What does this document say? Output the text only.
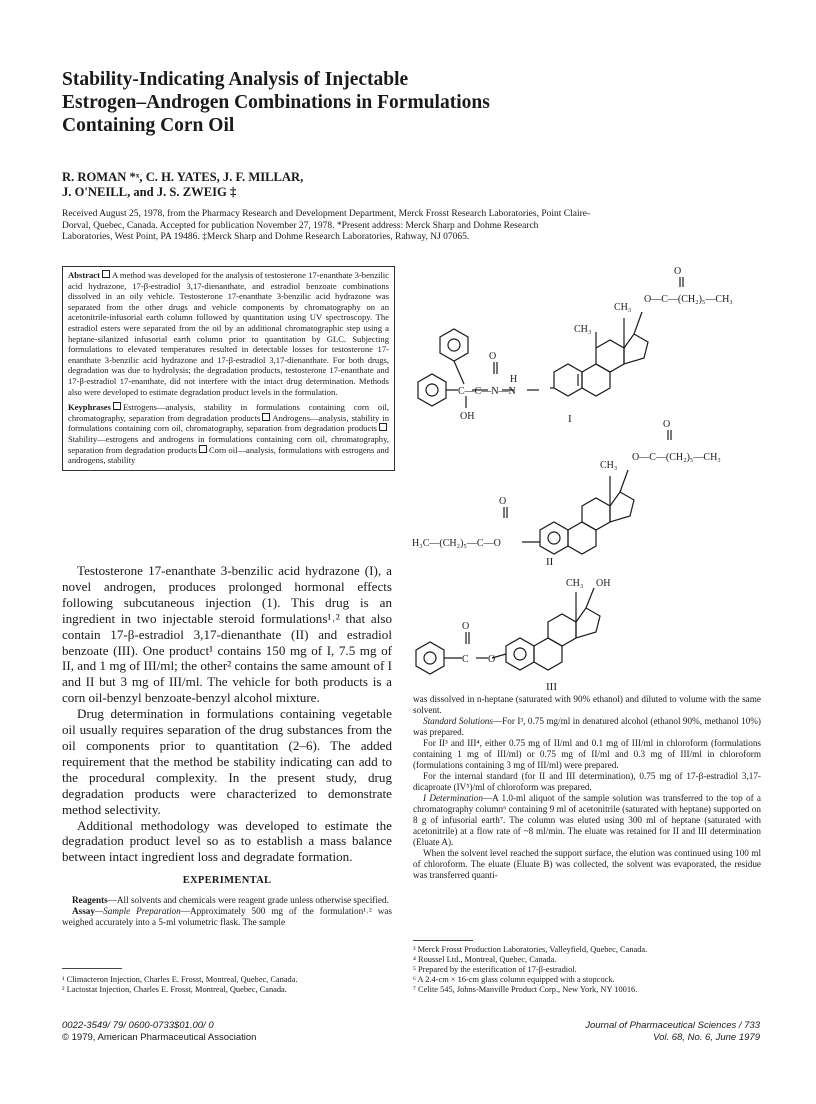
Stability-Indicating Analysis of Injectable
Estrogen–Androgen Combinations in Formulations
Containing Corn Oil
R. ROMAN *ˣ, C. H. YATES, J. F. MILLAR,
J. O'NEILL, and J. S. ZWEIG ‡
Received August 25, 1978, from the Pharmacy Research and Development Department, Merck Frosst Research Laboratories, Point Claire-
Dorval, Quebec, Canada. Accepted for publication November 27, 1978. *Present address: Merck Sharp and Dohme Research
Laboratories, West Point, PA 19486. ‡Merck Sharp and Dohme Research Laboratories, Rahway, NJ 07065.

Abstract A method was developed for the analysis of testosterone 17-enanthate 3-benzilic acid hydrazone, 17-β-estradiol 3,17-dienanthate, and estradiol benzoate combinations dissolved in an oily vehicle. Testosterone 17-enanthate 3-benzilic acid hydrazone was separated from the other drugs and vehicle components by chromatography on an acetonitrile-infusorial earth column followed by quantitation using UV spectroscopy. The estradiol esters were separated from the oil by an additional chromatographic step using a heptane-silanized infusorial earth column prior to quantitation by GLC. Subjecting formulations to elevated temperatures resulted in detectable losses for testosterone 17-enanthate 3-benzilic acid hydrazone and 17-β-estradiol 3,17-dienanthate. For both drugs, degradation was due to hydrolysis; the degradation products, testosterone 17-enanthate and 17-β-estradiol 17-enanthate, did not interfere with the intact drug determination. Methods also were developed to estimate degradation product levels in the formulation.

Keyphrases Estrogens—analysis, stability in formulations containing corn oil, chromatography, separation from degradation products Androgens—analysis, stability in formulations containing corn oil, chromatography, separation from degradation productsStability—estrogens and androgens in formulations containing corn oil, chromatography, separation from degradation products Corn oil—analysis, formulations with estrogens and androgens, stability

O
CH₃
O—C—(CH₂)₅—CH₃
CH₃
O
H
C—C—N—N
OH	I	O
CH₃
O—C—(CH₂)₅—CH₃
O
H₃C—(CH₂)₅—C—O
II
CH₃ OH
O
C O
III

Testosterone 17-enanthate 3-benzilic acid hydrazone (I), a novel androgen, produces prolonged hormonal effects following subcutaneous injection (1). This drug is an ingredient in two injectable steroid formulations¹˒² that also contain 17-β-estradiol 3,17-dienanthate (II) and estradiol benzoate (III). One product¹ contains 150 mg of I, 7.5 mg of II, and 1 mg of III/ml; the other² contains the same amount of I and II but 3 mg of III/ml. The vehicle for both products is a corn oil-benzyl benzoate-benzyl alcohol mixture.

Drug determination in formulations containing vegetable oil usually requires separation of the drug substances from the oil components prior to quantitation (2–6). The added requirement that the method be stability indicating can add to the procedural complexity. In the present study, drug degradation products were characterized to demonstrate method selectivity.

Additional methodology was developed to estimate the degradation product level so as to establish a mass balance between intact ingredient loss and degradate formation.

EXPERIMENTAL

Reagents—All solvents and chemicals were reagent grade unless otherwise specified.

Assay—Sample Preparation—Approximately 500 mg of the formulation¹˒² was weighed accurately into a 5-ml volumetric flask. The sample

¹ Climacteron Injection, Charles E. Frosst, Montreal, Quebec, Canada.
² Lactostat Injection, Charles E. Frosst, Montreal, Quebec, Canada.

was dissolved in n-heptane (saturated with 90% ethanol) and diluted to volume with the same solvent.

Standard Solutions—For I³, 0.75 mg/ml in denatured alcohol (ethanol 90%, methanol 10%) was prepared.

For II³ and III⁴, either 0.75 mg of II/ml and 0.1 mg of III/ml in chloroform (formulations containing 1 mg of III/ml) or 0.75 mg of II/ml and 0.3 mg of III/ml in chloroform (formulations containing 3 mg of III/ml) were prepared.

For the internal standard (for II and III determination), 0.75 mg of 17-β-estradiol 3,17-dicaproate (IV⁵)/ml of chloroform was prepared.

I Determination—A 1.0-ml aliquot of the sample solution was transferred to the top of a chromatography column⁶ containing 9 ml of acetonitrile (saturated with heptane) supported on 8 g of infusorial earth⁷. The column was eluted using 300 ml of heptane (saturated with acetonitrile) at a flow rate of ~8 ml/min. The eluate was retained for II and III determination (Eluate A).

When the solvent level reached the support surface, the elution was continued using 100 ml of chloroform. The eluate (Eluate B) was collected, the solvent was evaporated, the residue was transferred quanti-

³ Merck Frosst Production Laboratories, Valleyfield, Quebec, Canada.
⁴ Roussel Ltd., Montreal, Quebec, Canada.
⁵ Prepared by the esterification of 17-β-estradiol.
⁶ A 2.4-cm × 16-cm glass column equipped with a stopcock.
⁷ Celite 545, Johns-Manville Product Corp., New York, NY 10016.
0022-3549/ 79/ 0600-0733$01.00/ 0
© 1979, American Pharmaceutical Association
Journal of Pharmaceutical Sciences / 733
Vol. 68, No. 6, June 1979
